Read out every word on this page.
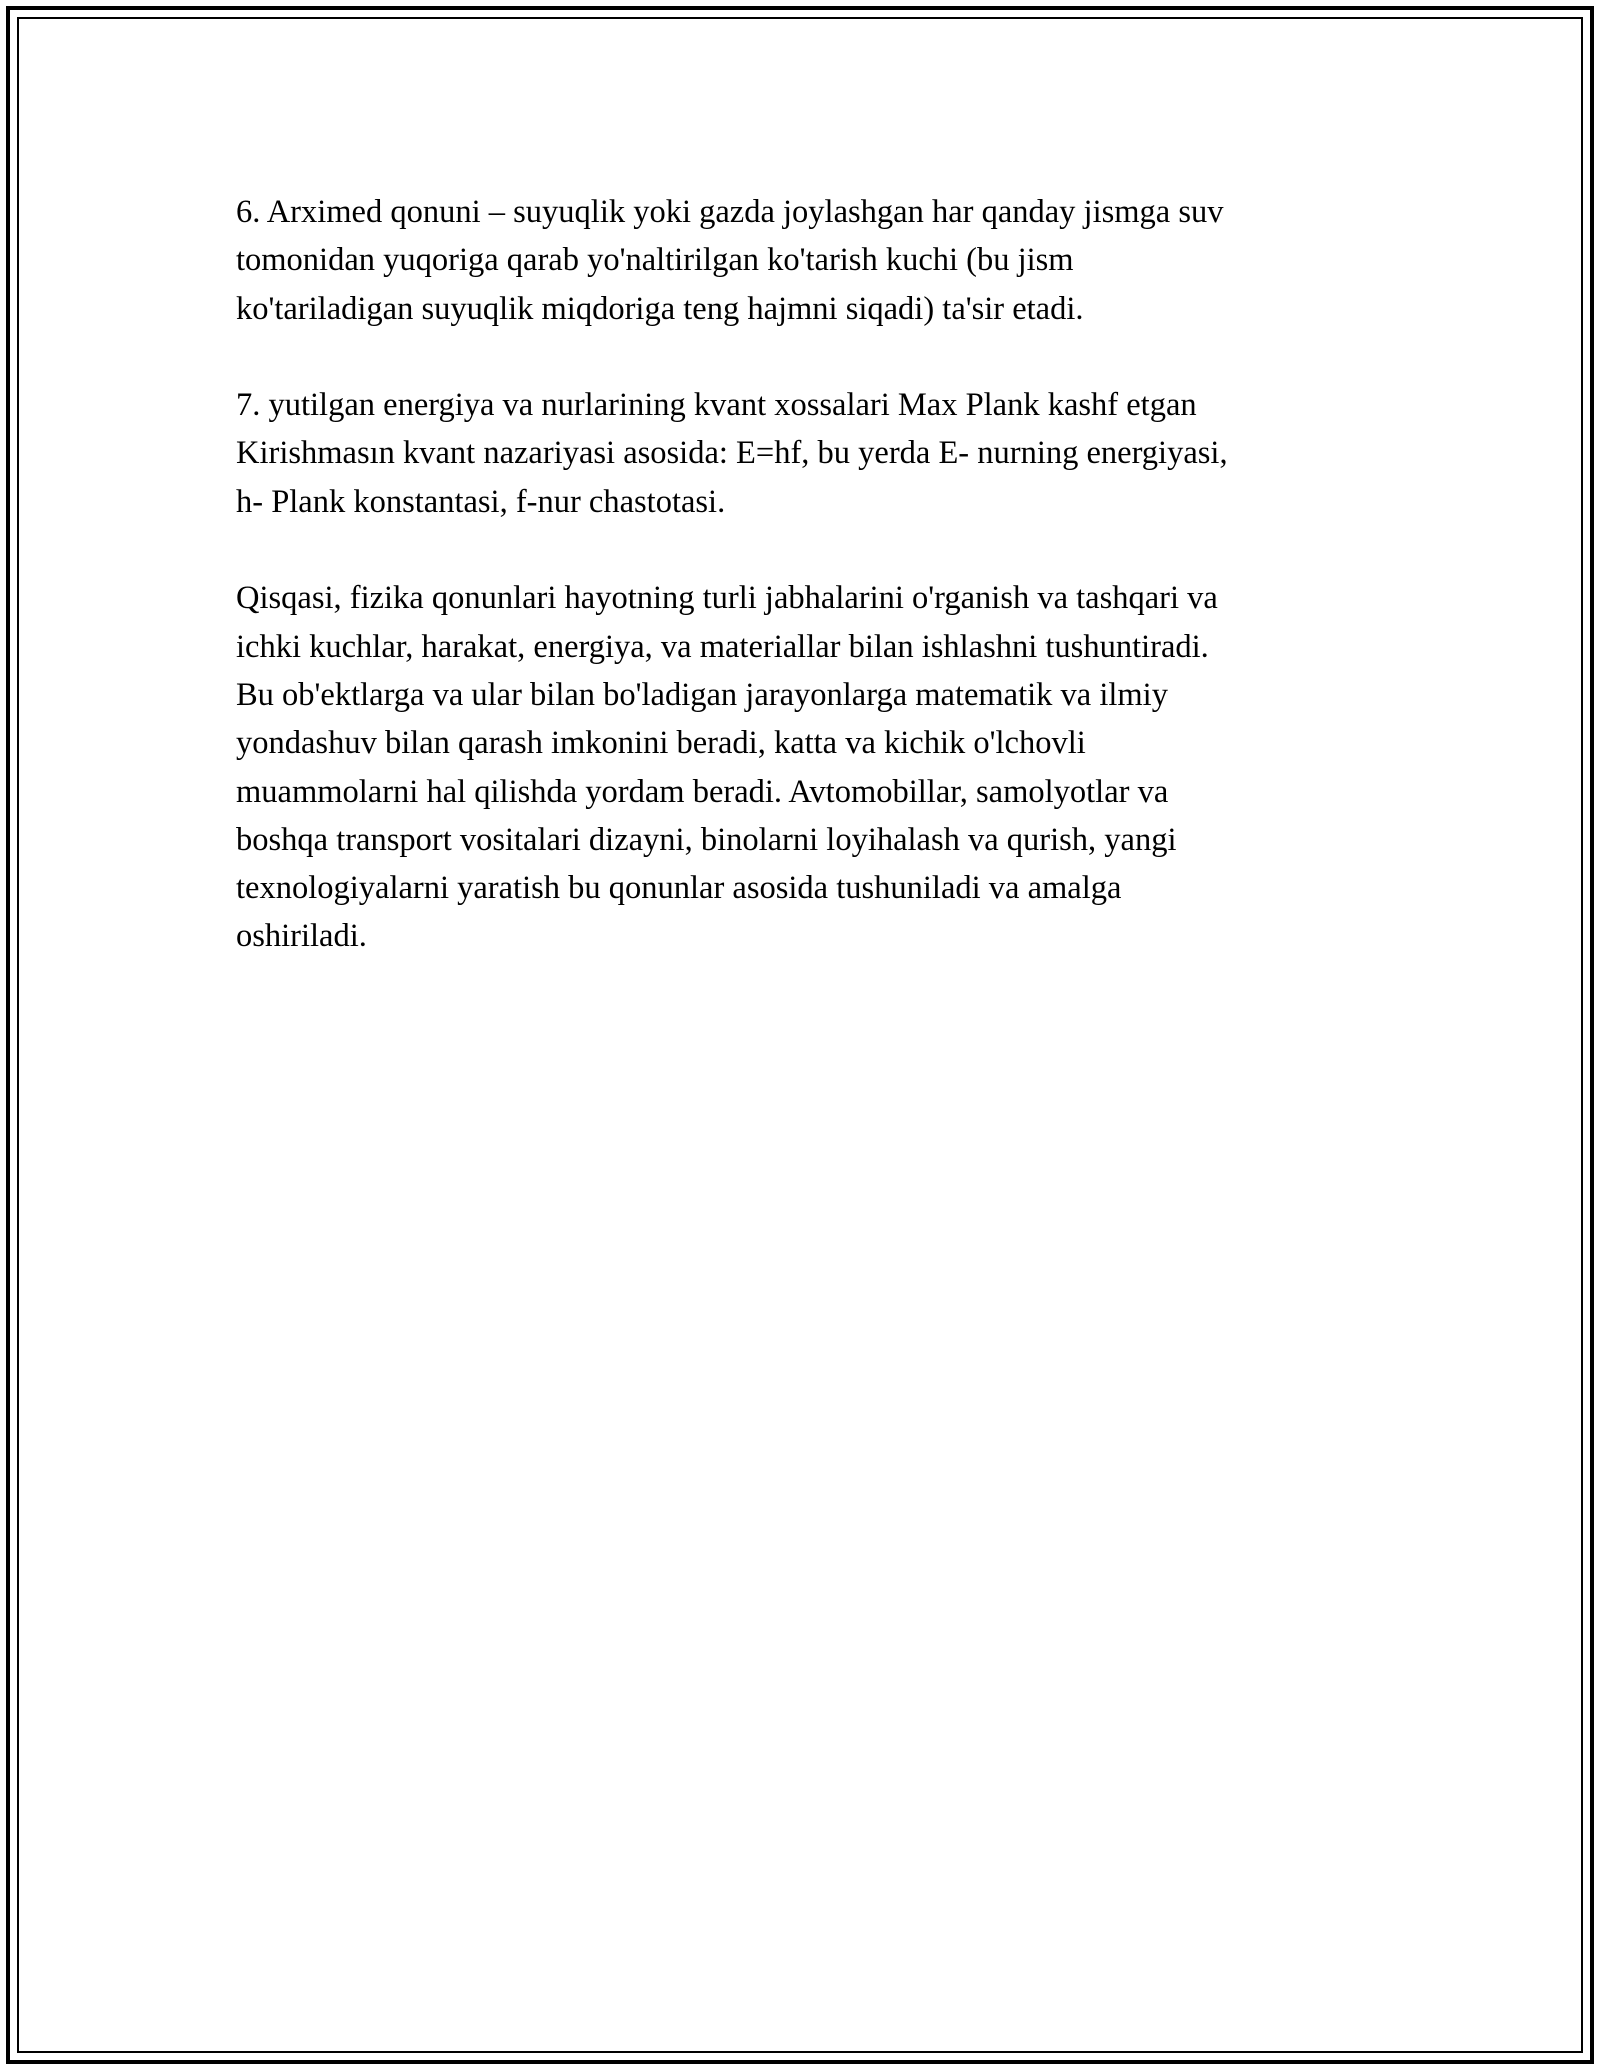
6. Arximed qonuni – suyuqlik yoki gazda joylashgan har qanday jismga suv
tomonidan yuqoriga qarab yo'naltirilgan ko'tarish kuchi (bu jism
ko'tariladigan suyuqlik miqdoriga teng hajmni siqadi) ta'sir etadi.

7. yutilgan energiya va nurlarining kvant xossalari Max Plank kashf etgan
Kirishmasın kvant nazariyasi asosida: E=hf, bu yerda E- nurning energiyasi,
h- Plank konstantasi, f-nur chastotasi.

Qisqasi, fizika qonunlari hayotning turli jabhalarini o'rganish va tashqari va
ichki kuchlar, harakat, energiya, va materiallar bilan ishlashni tushuntiradi.
Bu ob'ektlarga va ular bilan bo'ladigan jarayonlarga matematik va ilmiy
yondashuv bilan qarash imkonini beradi, katta va kichik o'lchovli
muammolarni hal qilishda yordam beradi. Avtomobillar, samolyotlar va
boshqa transport vositalari dizayni, binolarni loyihalash va qurish, yangi
texnologiyalarni yaratish bu qonunlar asosida tushuniladi va amalga
oshiriladi.
